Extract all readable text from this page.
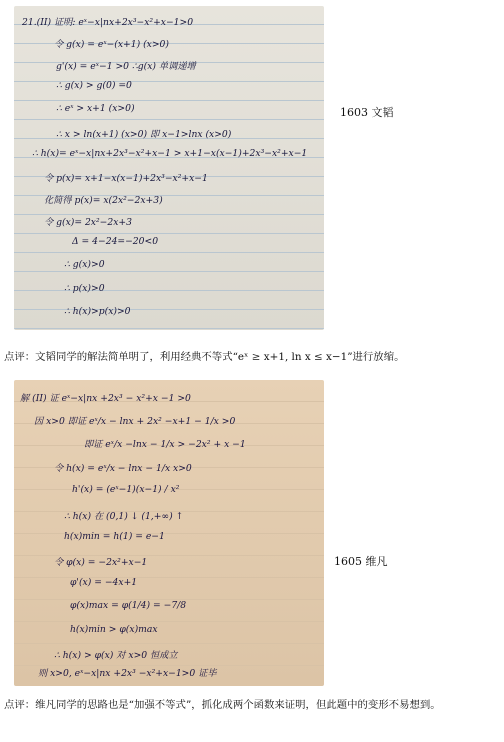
21.(II) 证明: eˣ−x|nx+2x³−x²+x−1>0
令 g(x) = eˣ−(x+1) (x>0)
g'(x) = eˣ−1 >0 ∴g(x) 单调递增
∴ g(x) > g(0) =0
∴ eˣ > x+1 (x>0)
∴ x > ln(x+1) (x>0) 即 x−1>lnx (x>0)
∴ h(x)= eˣ−x|nx+2x³−x²+x−1 > x+1−x(x−1)+2x³−x²+x−1
令 p(x)= x+1−x(x−1)+2x³−x²+x−1
化简得 p(x)= x(2x²−2x+3)
令 g(x)= 2x²−2x+3
Δ = 4−24=−20<0
∴ g(x)>0
∴ p(x)>0
∴ h(x)>p(x)>0
1603 文韬
点评：文韬同学的解法简单明了，利用经典不等式“eˣ ≥ x+1, ln x ≤ x−1”进行放缩。
解 (II) 证 eˣ−x|nx +2x³ − x²+x −1 >0
因 x>0 即证 eˣ/x − lnx + 2x² −x+1 − 1/x >0
即证 eˣ/x −lnx − 1/x > −2x² + x −1
令 h(x) = eˣ/x − lnx − 1/x x>0
h'(x) = (eˣ−1)(x−1) / x²
∴ h(x) 在 (0,1) ↓ (1,+∞) ↑
h(x)min = h(1) = e−1
令 φ(x) = −2x²+x−1
φ'(x) = −4x+1
φ(x)max = φ(1/4) = −7/8
h(x)min > φ(x)max
∴ h(x) > φ(x) 对 x>0 恒成立
则 x>0, eˣ−x|nx +2x³ −x²+x−1>0 证毕
1605 维凡
点评：维凡同学的思路也是“加强不等式”，抓化成两个函数来证明，但此题中的变形不易想到。
